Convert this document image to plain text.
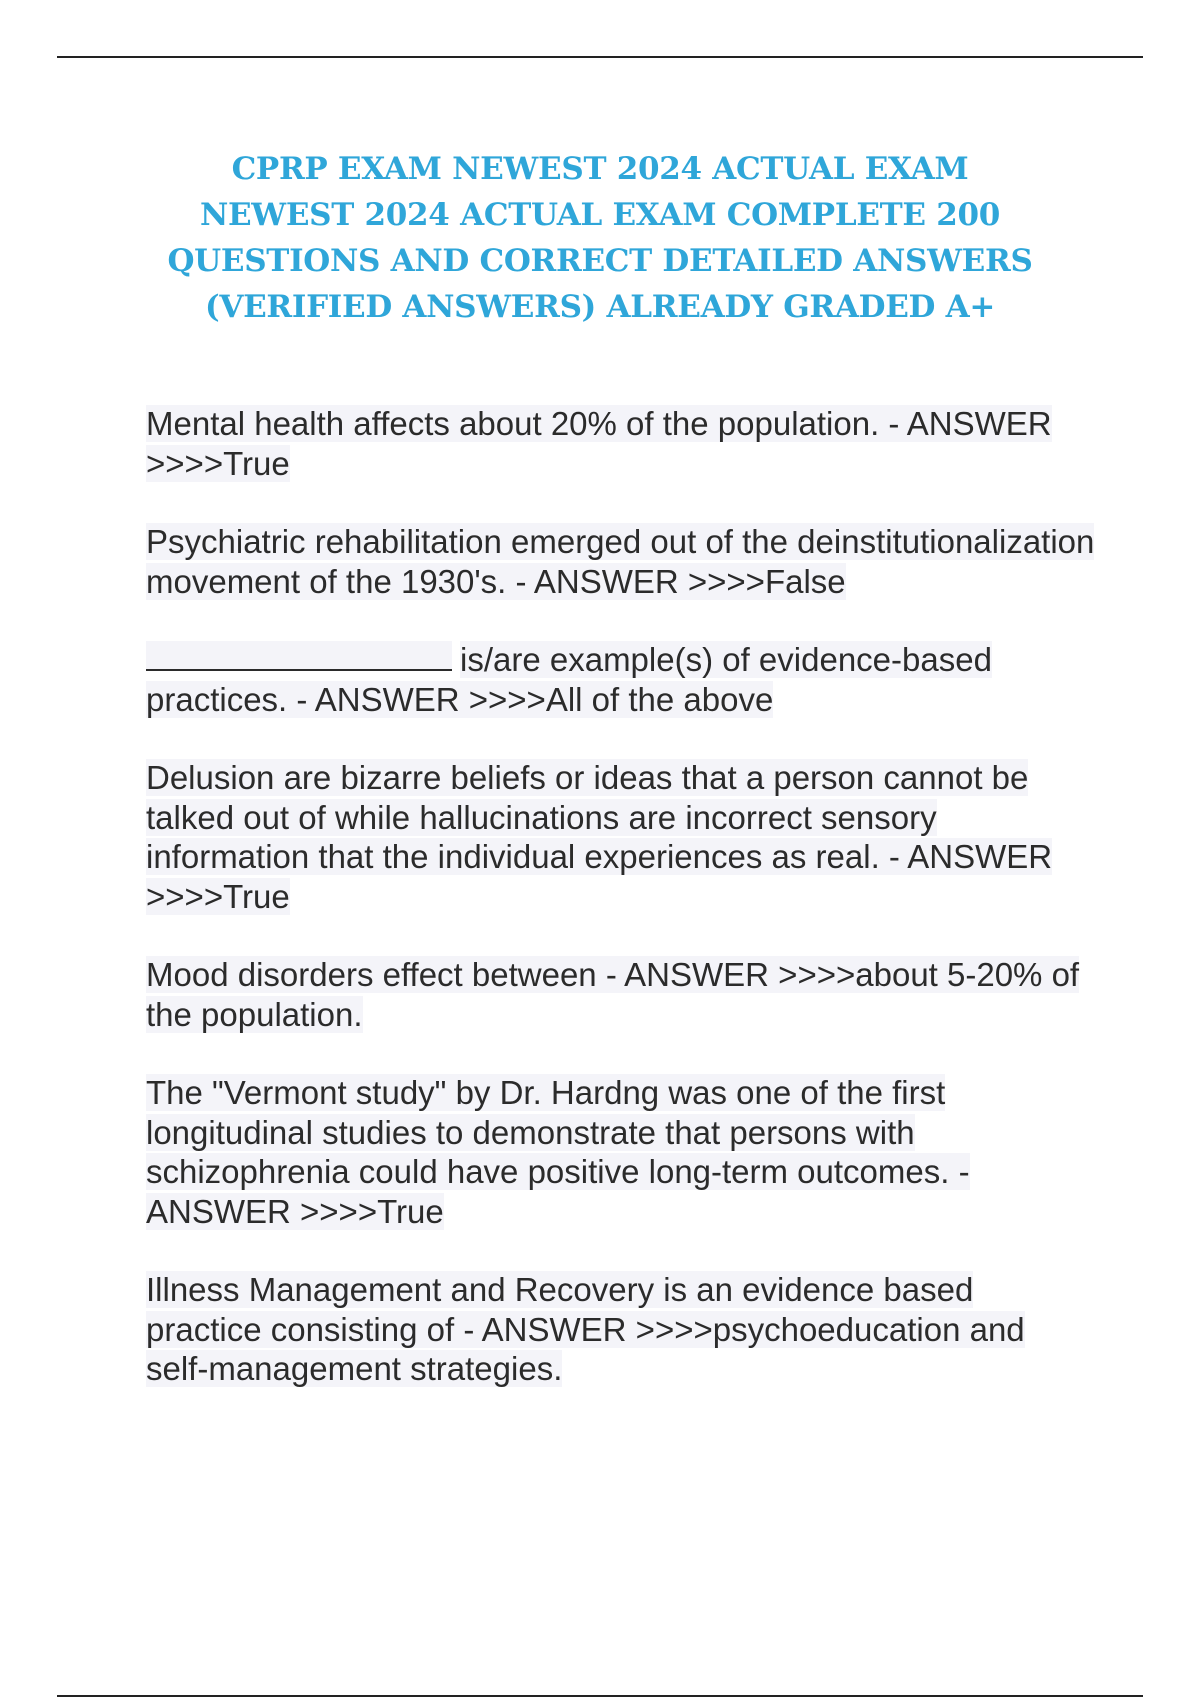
CPRP EXAM NEWEST 2024 ACTUAL EXAM NEWEST 2024 ACTUAL EXAM COMPLETE 200 QUESTIONS AND CORRECT DETAILED ANSWERS (VERIFIED ANSWERS) ALREADY GRADED A+

Mental health affects about 20% of the population. - ANSWER >>>>True

Psychiatric rehabilitation emerged out of the deinstitutionalization movement of the 1930's. - ANSWER >>>>False

is/are example(s) of evidence-based practices. - ANSWER >>>>All of the above

Delusion are bizarre beliefs or ideas that a person cannot be talked out of while hallucinations are incorrect sensory information that the individual experiences as real. - ANSWER >>>>True

Mood disorders effect between - ANSWER >>>>about 5-20% of the population.

The "Vermont study" by Dr. Hardng was one of the first longitudinal studies to demonstrate that persons with schizophrenia could have positive long-term outcomes. - ANSWER >>>>True

Illness Management and Recovery is an evidence based practice consisting of - ANSWER >>>>psychoeducation and self-management strategies.
